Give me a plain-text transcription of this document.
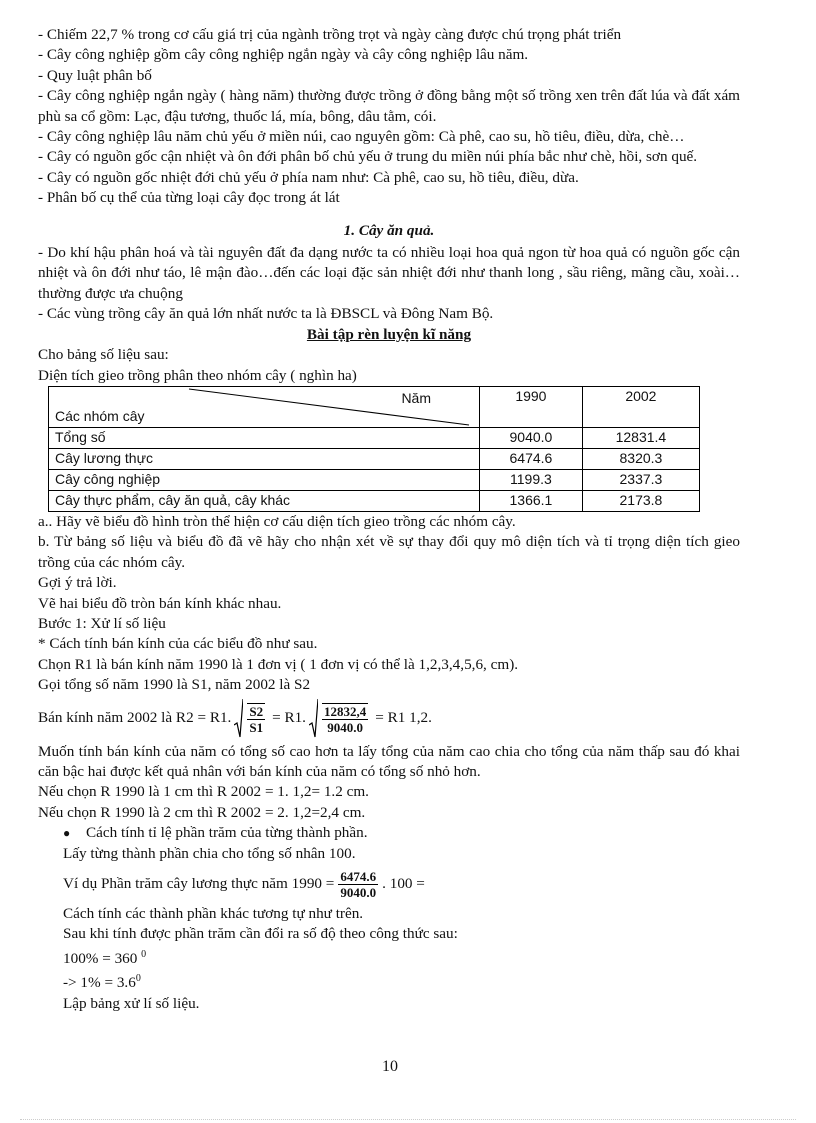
- Chiếm 22,7 % trong cơ cấu giá trị của ngành trồng trọt và ngày càng được chú trọng phát triển

- Cây công nghiệp gồm cây công nghiệp ngắn ngày và cây công nghiệp lâu năm.

- Quy luật phân bố

- Cây công nghiệp ngắn ngày ( hàng năm) thường được trồng ở đồng bằng một số trồng xen trên đất lúa và đất xám phù sa cổ gồm: Lạc, đậu tương, thuốc lá, mía, bông, dâu tằm, cói.

- Cây công nghiệp lâu năm chủ yếu ở miền núi, cao nguyên gồm: Cà phê, cao su, hồ tiêu, điều, dừa, chè…

- Cây có nguồn gốc cận nhiệt và ôn đới phân bố chủ yếu ở trung du miền núi phía bắc như chè, hồi, sơn quế.

- Cây có nguồn gốc nhiệt đới chủ yếu ở phía nam như: Cà phê, cao su, hồ tiêu, điều, dừa.

- Phân bố cụ thể của từng loại cây đọc trong át lát

1. Cây ăn quả.

- Do khí hậu phân hoá và tài nguyên đất đa dạng nước ta có nhiều loại hoa quả ngon từ hoa quả có nguồn gốc cận nhiệt và ôn đới như táo, lê mận đào…đến các loại đặc sản nhiệt đới như thanh long , sầu riêng, mãng cầu, xoài…thường được ưa chuộng

- Các vùng trồng cây ăn quả lớn nhất nước ta là ĐBSCL và Đông Nam Bộ.

Bài tập rèn luyện kĩ năng

Cho bảng số liệu sau:

Diện tích gieo trồng phân theo nhóm cây ( nghìn ha)

Năm
Các nhóm cây	1990	2002
Tổng số	9040.0	12831.4
Cây lương thực	6474.6	8320.3
Cây công nghiệp	1199.3	2337.3
Cây thực phẩm, cây ăn quả, cây khác	1366.1	2173.8

a.. Hãy vẽ biểu đồ hình tròn thể hiện cơ cấu diện tích gieo trồng các nhóm cây.

b. Từ bảng số liệu và biểu đồ đã vẽ hãy cho nhận xét về sự thay đổi quy mô diện tích và tỉ trọng diện tích gieo trồng của các nhóm cây.

Gợi ý trả lời.

Vẽ hai biểu đồ tròn bán kính khác nhau.

Bước 1: Xử lí số liệu

* Cách tính bán kính của các biểu đồ như sau.

Chọn R1 là bán kính năm 1990 là 1 đơn vị ( 1 đơn vị có thể là 1,2,3,4,5,6, cm).

Gọi tổng số năm 1990 là S1, năm 2002 là S2

Bán kính năm 2002 là R2 = R1. $\frac{S2}{S1} = R1$. $\frac{12832,4}{9040.0} = R1$ 1,2.

Muốn tính bán kính của năm có tổng số cao hơn ta lấy tổng của năm cao chia cho tổng của năm thấp sau đó khai căn bậc hai được kết quả nhân với bán kính của năm có tổng số nhỏ hơn.

Nếu chọn R 1990 là 1 cm thì R 2002 = 1. 1,2= 1.2 cm.

Nếu chọn R 1990 là 2 cm thì R 2002 = 2. 1,2=2,4 cm.

●	Cách tính tỉ lệ phần trăm của từng thành phần.

Lấy từng thành phần chia cho tổng số nhân 100.

Ví dụ Phần trăm cây lương thực năm $1990 = \frac{6474.6}{9040.0}$ . 100 =

Cách tính các thành phần khác tương tự như trên.

Sau khi tính được phần trăm cần đổi ra số độ theo công thức sau:

100% = 360 $^0$

-> $1\% = 3.6^0$

Lập bảng xử lí số liệu.

10
